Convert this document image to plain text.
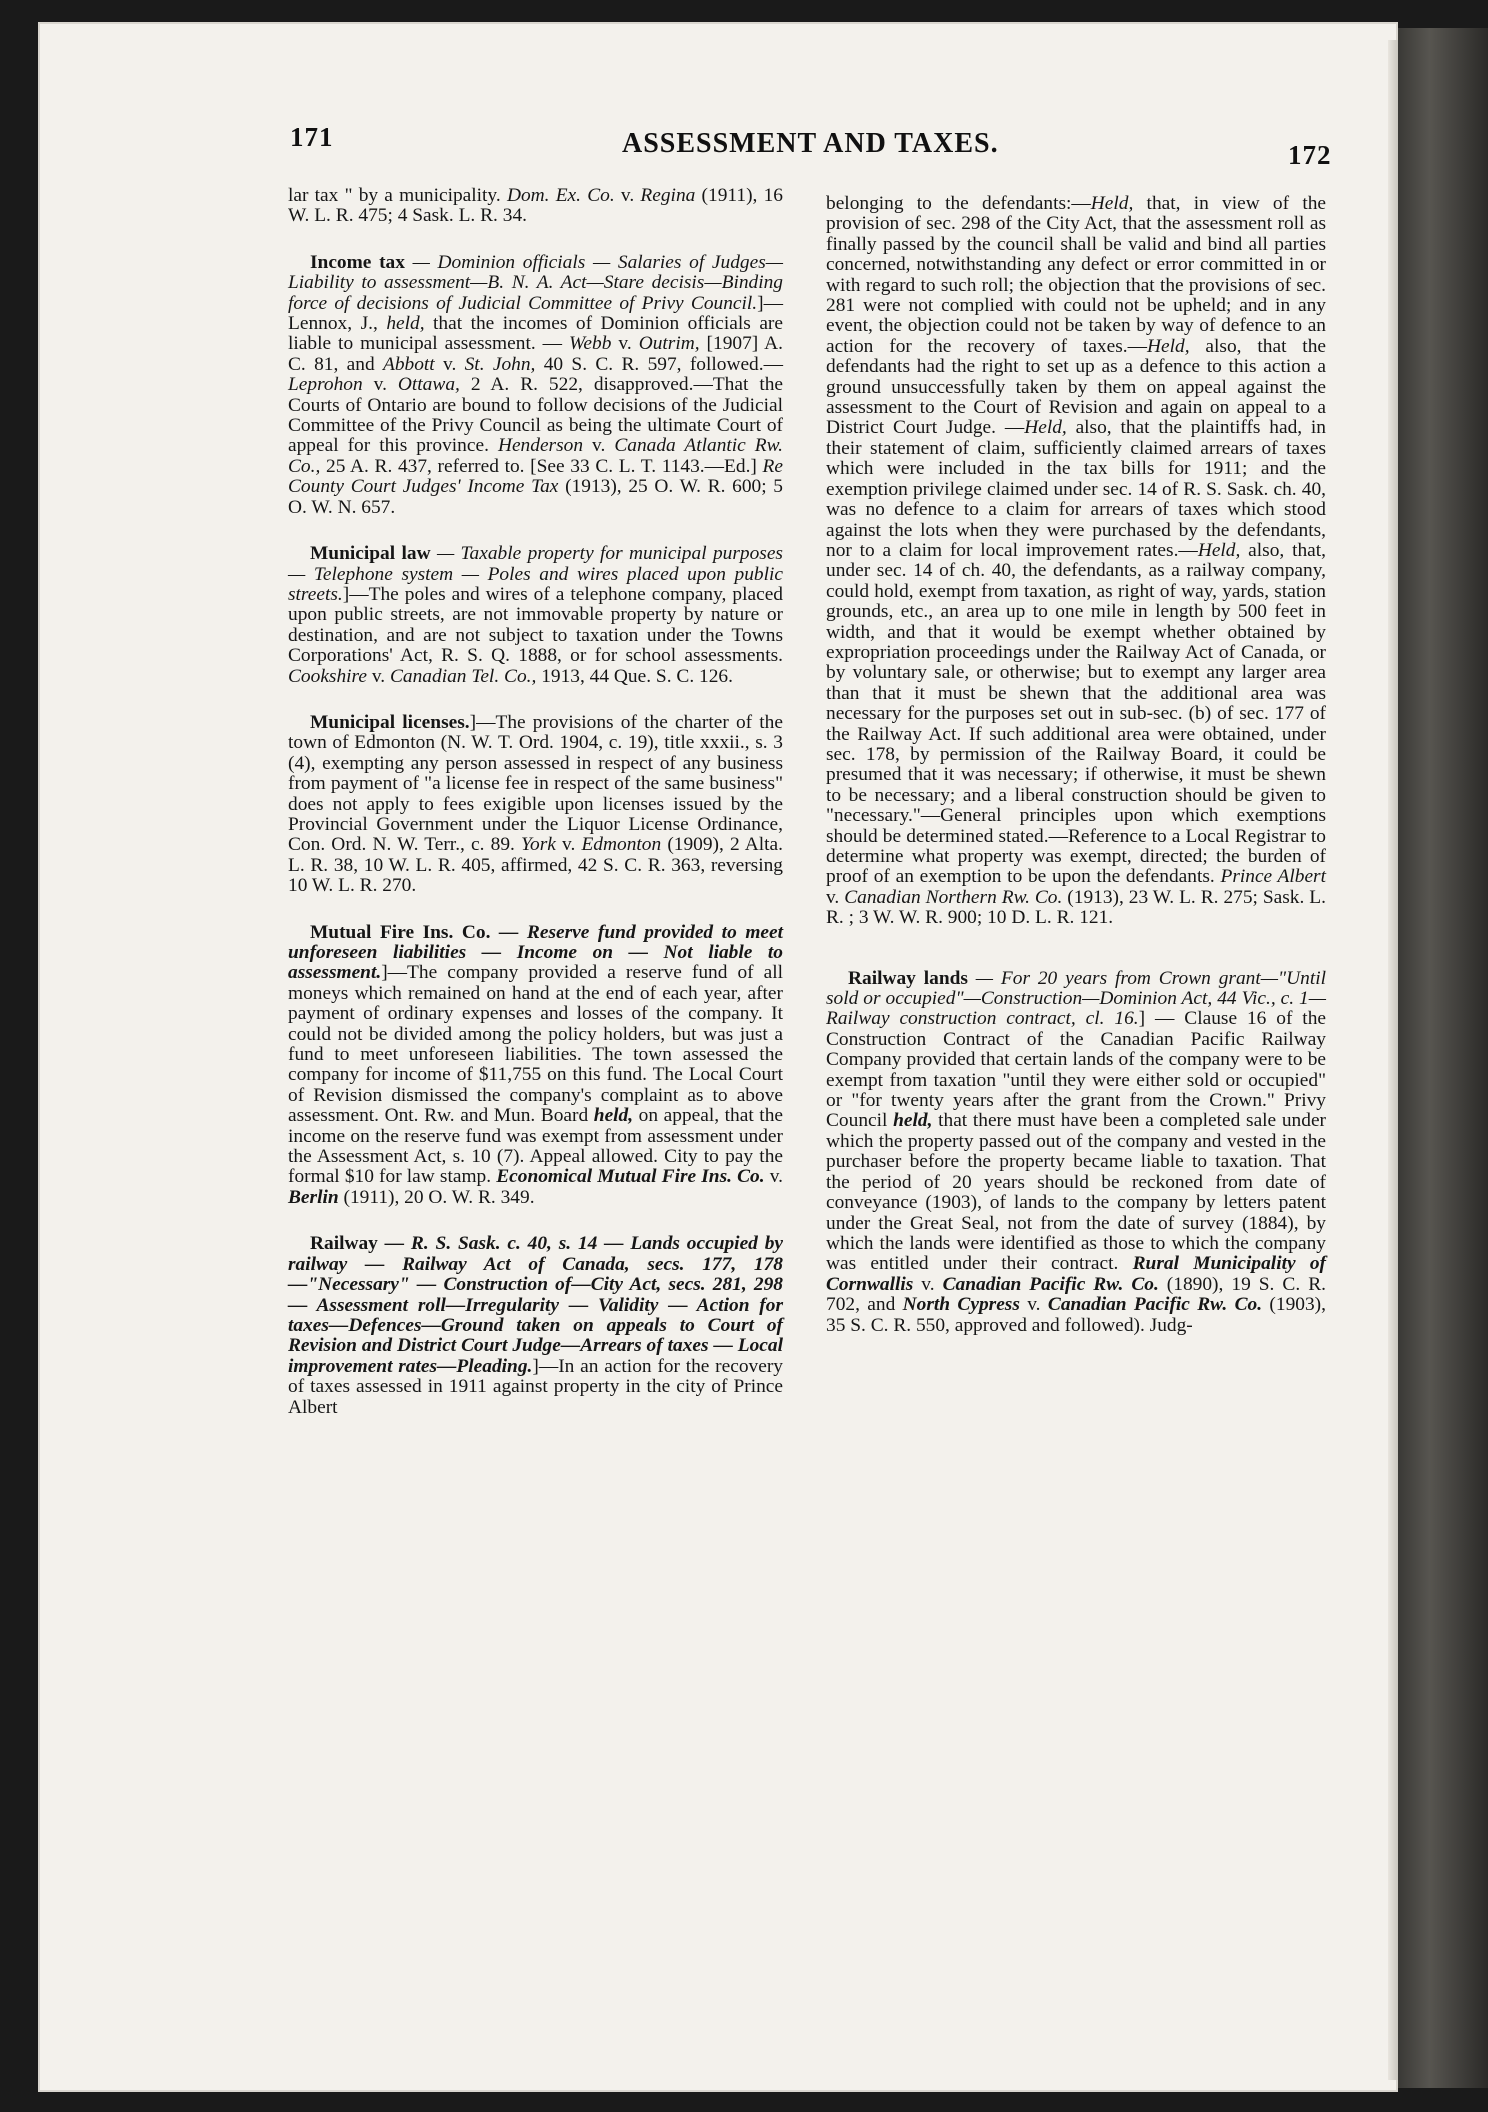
171	ASSESSMENT AND TAXES.	172

lar tax " by a municipality. Dom. Ex. Co. v. Regina (1911), 16 W. L. R. 475; 4 Sask. L. R. 34.

Income tax — Dominion officials — Salaries of Judges—Liability to assessment—B. N. A. Act—Stare decisis—Binding force of decisions of Judicial Committee of Privy Council.]—Lennox, J., held, that the incomes of Dominion officials are liable to municipal assessment. — Webb v. Outrim, [1907] A. C. 81, and Abbott v. St. John, 40 S. C. R. 597, followed.—Leprohon v. Ottawa, 2 A. R. 522, disapproved.—That the Courts of Ontario are bound to follow decisions of the Judicial Committee of the Privy Council as being the ultimate Court of appeal for this province. Henderson v. Canada Atlantic Rw. Co., 25 A. R. 437, referred to. [See 33 C. L. T. 1143.—Ed.] Re County Court Judges' Income Tax (1913), 25 O. W. R. 600; 5 O. W. N. 657.

Municipal law — Taxable property for municipal purposes — Telephone system — Poles and wires placed upon public streets.]—The poles and wires of a telephone company, placed upon public streets, are not immovable property by nature or destination, and are not subject to taxation under the Towns Corporations' Act, R. S. Q. 1888, or for school assessments. Cookshire v. Canadian Tel. Co., 1913, 44 Que. S. C. 126.

Municipal licenses.]—The provisions of the charter of the town of Edmonton (N. W. T. Ord. 1904, c. 19), title xxxii., s. 3 (4), exempting any person assessed in respect of any business from payment of "a license fee in respect of the same business" does not apply to fees exigible upon licenses issued by the Provincial Government under the Liquor License Ordinance, Con. Ord. N. W. Terr., c. 89. York v. Edmonton (1909), 2 Alta. L. R. 38, 10 W. L. R. 405, affirmed, 42 S. C. R. 363, reversing 10 W. L. R. 270.

Mutual Fire Ins. Co. — Reserve fund provided to meet unforeseen liabilities — Income on — Not liable to assessment.]—The company provided a reserve fund of all moneys which remained on hand at the end of each year, after payment of ordinary expenses and losses of the company. It could not be divided among the policy holders, but was just a fund to meet unforeseen liabilities. The town assessed the company for income of $11,755 on this fund. The Local Court of Revision dismissed the company's complaint as to above assessment. Ont. Rw. and Mun. Board held, on appeal, that the income on the reserve fund was exempt from assessment under the Assessment Act, s. 10 (7). Appeal allowed. City to pay the formal $10 for law stamp. Economical Mutual Fire Ins. Co. v. Berlin (1911), 20 O. W. R. 349.

Railway — R. S. Sask. c. 40, s. 14 — Lands occupied by railway — Railway Act of Canada, secs. 177, 178—"Necessary" — Construction of—City Act, secs. 281, 298 — Assessment roll—Irregularity — Validity — Action for taxes—Defences—Ground taken on appeals to Court of Revision and District Court Judge—Arrears of taxes — Local improvement rates—Pleading.]—In an action for the recovery of taxes assessed in 1911 against property in the city of Prince Albert

belonging to the defendants:—Held, that, in view of the provision of sec. 298 of the City Act, that the assessment roll as finally passed by the council shall be valid and bind all parties concerned, notwithstanding any defect or error committed in or with regard to such roll; the objection that the provisions of sec. 281 were not complied with could not be upheld; and in any event, the objection could not be taken by way of defence to an action for the recovery of taxes.—Held, also, that the defendants had the right to set up as a defence to this action a ground unsuccessfully taken by them on appeal against the assessment to the Court of Revision and again on appeal to a District Court Judge. —Held, also, that the plaintiffs had, in their statement of claim, sufficiently claimed arrears of taxes which were included in the tax bills for 1911; and the exemption privilege claimed under sec. 14 of R. S. Sask. ch. 40, was no defence to a claim for arrears of taxes which stood against the lots when they were purchased by the defendants, nor to a claim for local improvement rates.—Held, also, that, under sec. 14 of ch. 40, the defendants, as a railway company, could hold, exempt from taxation, as right of way, yards, station grounds, etc., an area up to one mile in length by 500 feet in width, and that it would be exempt whether obtained by expropriation proceedings under the Railway Act of Canada, or by voluntary sale, or otherwise; but to exempt any larger area than that it must be shewn that the additional area was necessary for the purposes set out in sub-sec. (b) of sec. 177 of the Railway Act. If such additional area were obtained, under sec. 178, by permission of the Railway Board, it could be presumed that it was necessary; if otherwise, it must be shewn to be necessary; and a liberal construction should be given to "necessary."—General principles upon which exemptions should be determined stated.—Reference to a Local Registrar to determine what property was exempt, directed; the burden of proof of an exemption to be upon the defendants. Prince Albert v. Canadian Northern Rw. Co. (1913), 23 W. L. R. 275; Sask. L. R. ; 3 W. W. R. 900; 10 D. L. R. 121.

Railway lands — For 20 years from Crown grant—"Until sold or occupied"—Construction—Dominion Act, 44 Vic., c. 1—Railway construction contract, cl. 16.] — Clause 16 of the Construction Contract of the Canadian Pacific Railway Company provided that certain lands of the company were to be exempt from taxation "until they were either sold or occupied" or "for twenty years after the grant from the Crown." Privy Council held, that there must have been a completed sale under which the property passed out of the company and vested in the purchaser before the property became liable to taxation. That the period of 20 years should be reckoned from date of conveyance (1903), of lands to the company by letters patent under the Great Seal, not from the date of survey (1884), by which the lands were identified as those to which the company was entitled under their contract. Rural Municipality of Cornwallis v. Canadian Pacific Rw. Co. (1890), 19 S. C. R. 702, and North Cypress v. Canadian Pacific Rw. Co. (1903), 35 S. C. R. 550, approved and followed). Judg-
